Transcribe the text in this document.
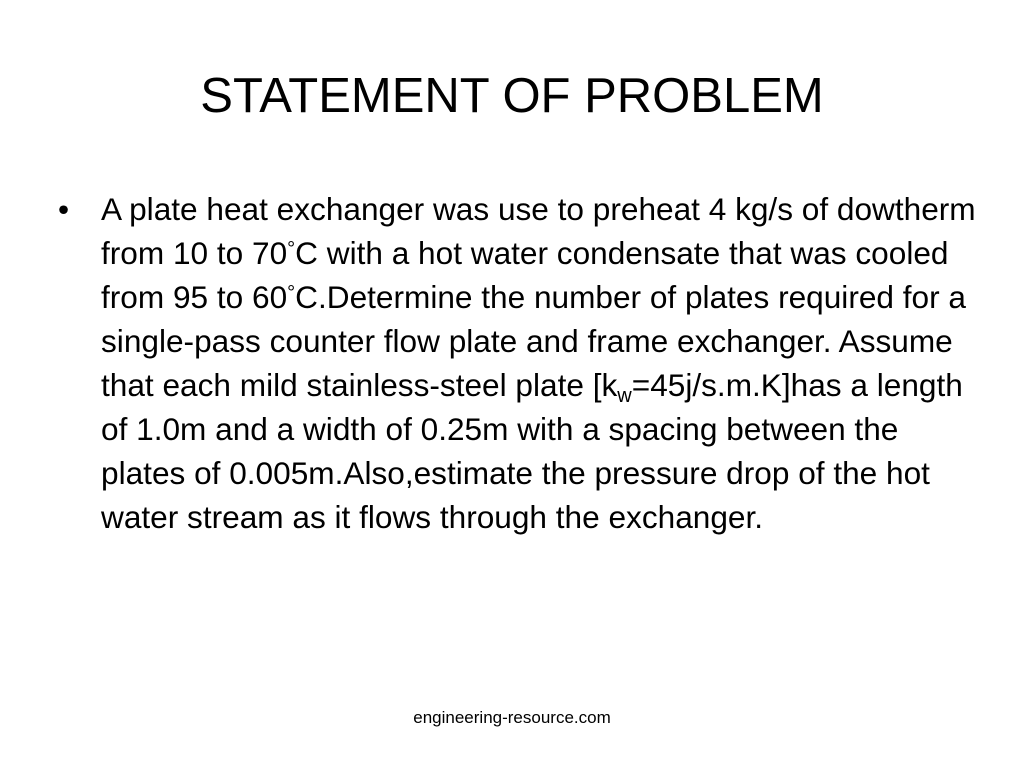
STATEMENT OF PROBLEM
•	A plate heat exchanger was use to preheat 4 kg/s of dowtherm from 10 to 70°C with a hot water condensate that was cooled from 95 to 60°C.Determine the number of plates required for a single-pass counter flow plate and frame exchanger. Assume that each mild stainless-steel plate $[k_w=45j/s.m.K]has$ a length of 1.0m and a width of 0.25m with a spacing between the plates of 0.005m.Also,estimate the pressure drop of the hot  water stream as it flows through the exchanger.
engineering-resource.com
